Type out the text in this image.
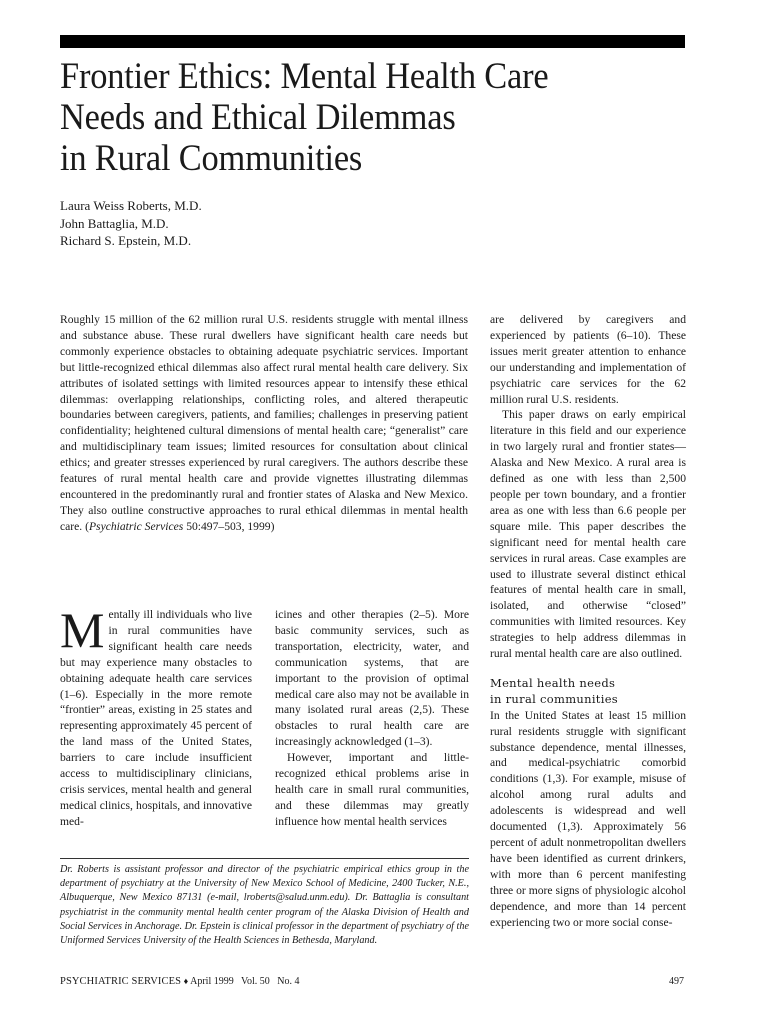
Frontier Ethics: Mental Health Care
Needs and Ethical Dilemmas
in Rural Communities
Laura Weiss Roberts, M.D.
John Battaglia, M.D.
Richard S. Epstein, M.D.

Roughly 15 million of the 62 million rural U.S. residents struggle with mental illness and substance abuse. These rural dwellers have significant health care needs but commonly experience obstacles to obtaining adequate psychiatric services. Important but little-recognized ethical dilemmas also affect rural mental health care delivery. Six attributes of isolated settings with limited resources appear to intensify these ethical dilemmas: overlapping relationships, conflicting roles, and altered therapeutic boundaries between caregivers, patients, and families; challenges in preserving patient confidentiality; heightened cultural dimensions of mental health care; “generalist” care and multidisciplinary team issues; limited resources for consultation about clinical ethics; and greater stresses experienced by rural caregivers. The authors describe these features of rural mental health care and provide vignettes illustrating dilemmas encountered in the predominantly rural and frontier states of Alaska and New Mexico. They also outline constructive approaches to rural ethical dilemmas in mental health care. (Psychiatric Services 50:497–503, 1999)

Mentally ill individuals who live in rural communities have significant health care needs but may experience many obstacles to obtaining adequate health care services (1–6). Especially in the more remote “frontier” areas, existing in 25 states and representing approximately 45 percent of the land mass of the United States, barriers to care include insufficient access to multidisciplinary clinicians, crisis services, mental health and general medical clinics, hospitals, and innovative med-

icines and other therapies (2–5). More basic community services, such as transportation, electricity, water, and communication systems, that are important to the provision of optimal medical care also may not be available in many isolated rural areas (2,5). These obstacles to rural health care are increasingly acknowledged (1–3).

However, important and little-recognized ethical problems arise in health care in small rural communities, and these dilemmas may greatly influence how mental health services

are delivered by caregivers and experienced by patients (6–10). These issues merit greater attention to enhance our understanding and implementation of psychiatric care services for the 62 million rural U.S. residents.

This paper draws on early empirical literature in this field and our experience in two largely rural and frontier states—Alaska and New Mexico. A rural area is defined as one with less than 2,500 people per town boundary, and a frontier area as one with less than 6.6 people per square mile. This paper describes the significant need for mental health care services in rural areas. Case examples are used to illustrate several distinct ethical features of mental health care in small, isolated, and otherwise “closed” communities with limited resources. Key strategies to help address dilemmas in rural mental health care are also outlined.

Mental health needs
in rural communities

In the United States at least 15 million rural residents struggle with significant substance dependence, mental illnesses, and medical-psychiatric comorbid conditions (1,3). For example, misuse of alcohol among rural adults and adolescents is widespread and well documented (1,3). Approximately 56 percent of adult nonmetropolitan dwellers have been identified as current drinkers, with more than 6 percent manifesting three or more signs of physiologic alcohol dependence, and more than 14 percent experiencing two or more social conse-

Dr. Roberts is assistant professor and director of the psychiatric empirical ethics group in the department of psychiatry at the University of New Mexico School of Medicine, 2400 Tucker, N.E., Albuquerque, New Mexico 87131 (e-mail, lroberts@salud.unm.edu). Dr. Battaglia is consultant psychiatrist in the community mental health center program of the Alaska Division of Health and Social Services in Anchorage. Dr. Epstein is clinical professor in the department of psychiatry of the Uniformed Services University of the Health Sciences in Bethesda, Maryland.

PSYCHIATRIC SERVICES ♦ April 1999   Vol. 50   No. 4	497
